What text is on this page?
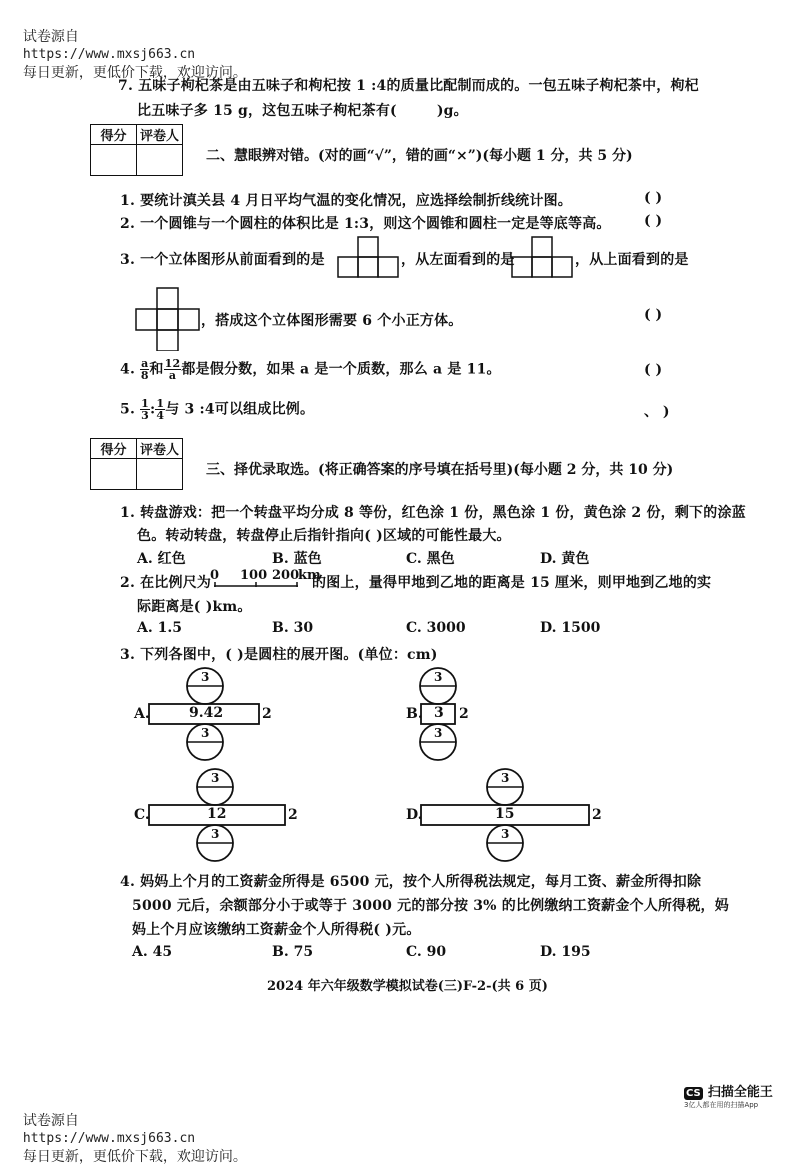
试卷源自
https://www.mxsj663.cn
每日更新，更低价下载，欢迎访问。

7. 五味子枸杞茶是由五味子和枸杞按 1 :4的质量比配制而成的。一包五味子枸杞茶中，枸杞
比五味子多 15 g，这包五味子枸杞茶有(	)g。
得分	评卷人

二、慧眼辨对错。(对的画“√”，错的画“×”)(每小题 1 分，共 5 分)
1. 要统计滇关县 4 月日平均气温的变化情况，应选择绘制折线统计图。	( )
2. 一个圆锥与一个圆柱的体积比是 1:3，则这个圆锥和圆柱一定是等底等高。 ( )
3. 一个立体图形从前面看到的是	，从左面看到的是	，从上面看到的是
，搭成这个立体图形需要 6 个小正方体。	( )
4. $\frac{a}{8}$ 和 $\frac{12}{a}$ 都是假分数，如果 a 是一个质数，那么 a 是 11。	( )
5. $\frac{1}{3}$ : $\frac{1}{4}$ 与 3 :4可以组成比例。	、 )
得分	评卷人

三、择优录取选。(将正确答案的序号填在括号里)(每小题 2 分，共 10 分)
1. 转盘游戏：把一个转盘平均分成 8 等份，红色涂 1 份，黑色涂 1 份，黄色涂 2 份，剩下的涂蓝
色。转动转盘，转盘停止后指针指向( )区域的可能性最大。
A. 红色	B. 蓝色	C. 黑色	D. 黄色
2. 在比例尺为
0 100 200
km
的图上，量得甲地到乙地的距离是 15 厘米，则甲地到乙地的实
际距离是( )km。
A. 1.5	B. 30	C. 3000	D. 1500
3. 下列各图中，( )是圆柱的展开图。(单位：cm)
A.
3
9.42
3
2	B.
3
3
3
2
C.
3
12
3
2	D.
3
15
3
2
4. 妈妈上个月的工资薪金所得是 6500 元，按个人所得税法规定，每月工资、薪金所得扣除
5000 元后，余额部分小于或等于 3000 元的部分按 3% 的比例缴纳工资薪金个人所得税，妈
妈上个月应该缴纳工资薪金个人所得税( )元。
A. 45	B. 75	C. 90	D. 195
2024 年六年级数学模拟试卷(三)F-2-(共 6 页)

试卷源自
https://www.mxsj663.cn
每日更新，更低价下载，欢迎访问。

CS 扫描全能王
3亿人都在用的扫描App
